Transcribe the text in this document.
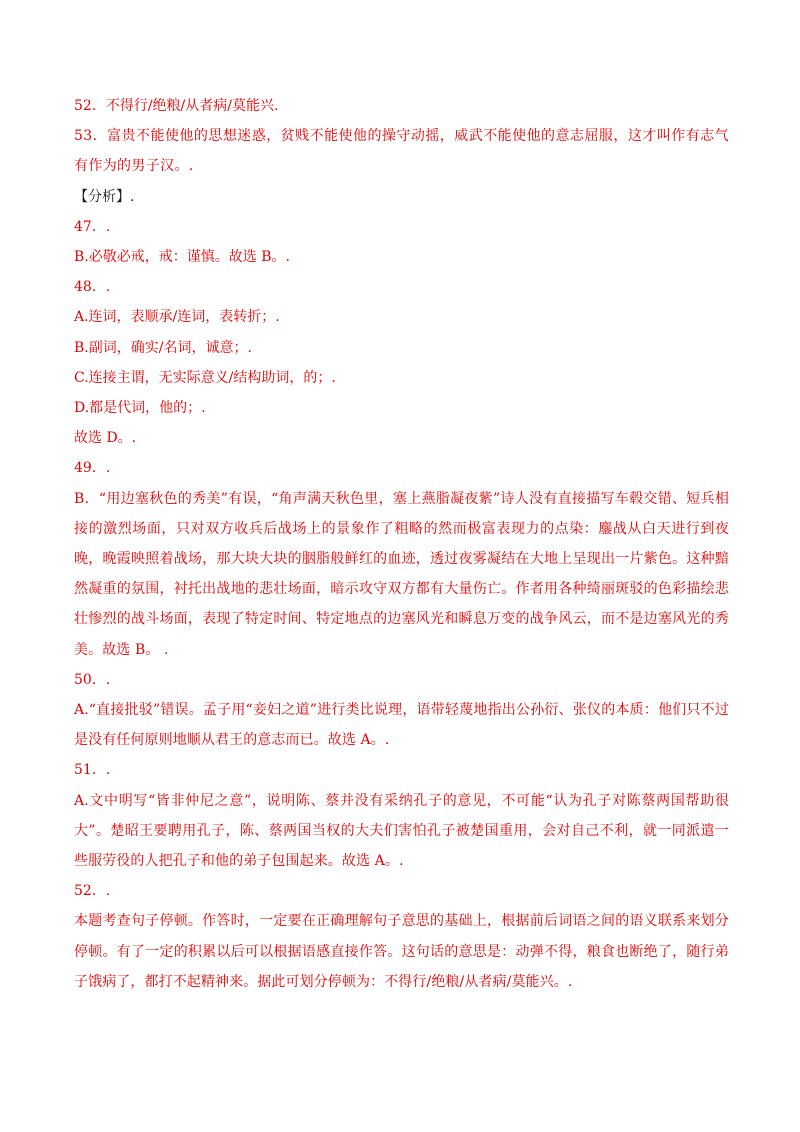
52．不得行/绝粮/从者病/莫能兴.

53．富贵不能使他的思想迷惑，贫贱不能使他的操守动摇，威武不能使他的意志屈服，这才叫作有志气有作为的男子汉。.

【分析】.

47．.

B.必敬必戒，戒：谨慎。故选 B。.

48．.

A.连词，表顺承/连词，表转折；.

B.副词，确实/名词，诚意；.

C.连接主谓，无实际意义/结构助词，的；.

D.都是代词，他的；.

故选 D。.

49．.

B．“用边塞秋色的秀美”有误，“角声满天秋色里，塞上燕脂凝夜紫”诗人没有直接描写车毂交错、短兵相接的激烈场面，只对双方收兵后战场上的景象作了粗略的然而极富表现力的点染：鏖战从白天进行到夜晚，晚霞映照着战场，那大块大块的胭脂般鲜红的血迹，透过夜雾凝结在大地上呈现出一片紫色。这种黯然凝重的氛围，衬托出战地的悲壮场面，暗示攻守双方都有大量伤亡。作者用各种绮丽斑驳的色彩描绘悲壮惨烈的战斗场面，表现了特定时间、特定地点的边塞风光和瞬息万变的战争风云，而不是边塞风光的秀美。故选 B。 .

50．.

A.“直接批驳”错误。孟子用“妾妇之道”进行类比说理，语带轻蔑地指出公孙衍、张仪的本质：他们只不过是没有任何原则地顺从君王的意志而已。故选 A。.

51．.

A.文中明写“皆非仲尼之意”，说明陈、蔡并没有采纳孔子的意见，不可能“认为孔子对陈蔡两国帮助很大”。楚昭王要聘用孔子，陈、蔡两国当权的大夫们害怕孔子被楚国重用，会对自己不利，就一同派遣一些服劳役的人把孔子和他的弟子包围起来。故选 A。.

52．.

本题考查句子停顿。作答时，一定要在正确理解句子意思的基础上，根据前后词语之间的语义联系来划分停顿。有了一定的积累以后可以根据语感直接作答。这句话的意思是：动弹不得，粮食也断绝了，随行弟子饿病了，都打不起精神来。据此可划分停顿为：不得行/绝粮/从者病/莫能兴。.
